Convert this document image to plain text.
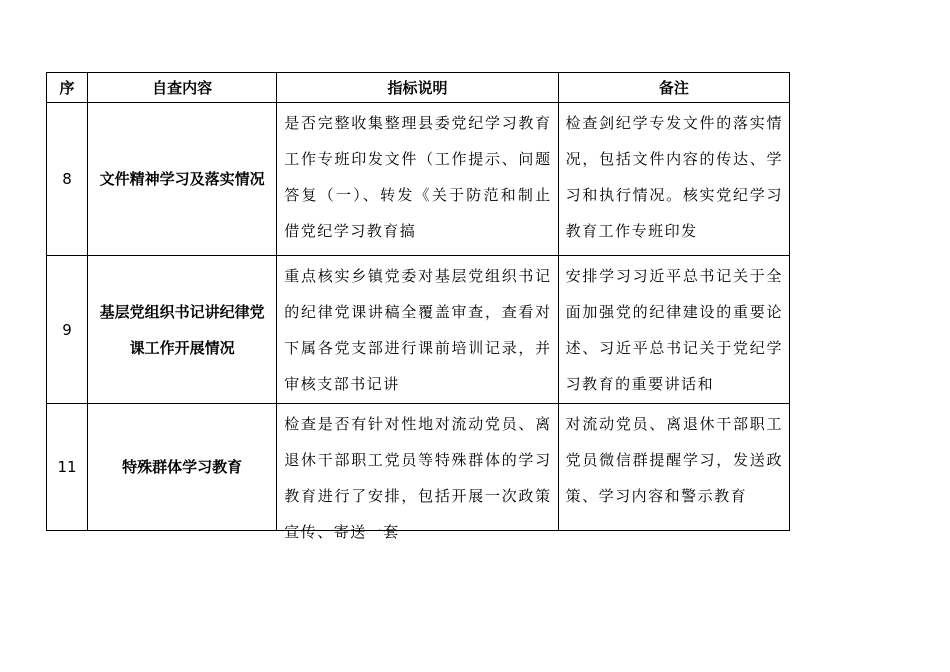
序	自查内容	指标说明	备注
8	文件精神学习及落实情况	是否完整收集整理县委党纪学习教育工作专班印发文件（工作提示、问题答复（一）、转发《关于防范和制止借党纪学习教育搞	检查剑纪学专发文件的落实情况，包括文件内容的传达、学习和执行情况。核实党纪学习教育工作专班印发

9	基层党组织书记讲纪律党课工作开展情况	重点核实乡镇党委对基层党组织书记的纪律党课讲稿全覆盖审查，查看对下属各党支部进行课前培训记录，并审核支部书记讲	安排学习习近平总书记关于全面加强党的纪律建设的重要论述、习近平总书记关于党纪学习教育的重要讲话和

11	特殊群体学习教育	检查是否有针对性地对流动党员、离退休干部职工党员等特殊群体的学习教育进行了安排，包括开展一次政策宣传、寄送一套	对流动党员、离退休干部职工党员微信群提醒学习，发送政策、学习内容和警示教育
